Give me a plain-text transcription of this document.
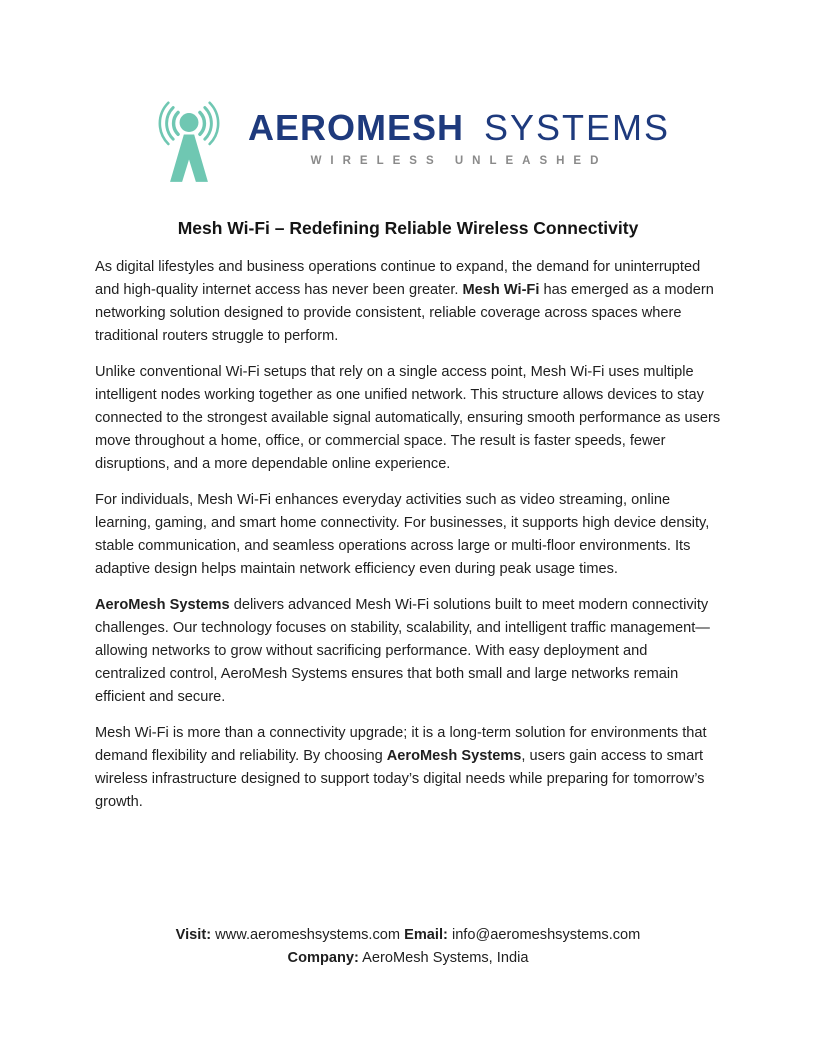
AEROMESH SYSTEMS
WIRELESS UNLEASHED
Mesh Wi-Fi – Redefining Reliable Wireless Connectivity

As digital lifestyles and business operations continue to expand, the demand for uninterrupted and high-quality internet access has never been greater. Mesh Wi-Fi has emerged as a modern networking solution designed to provide consistent, reliable coverage across spaces where traditional routers struggle to perform.

Unlike conventional Wi-Fi setups that rely on a single access point, Mesh Wi-Fi uses multiple intelligent nodes working together as one unified network. This structure allows devices to stay connected to the strongest available signal automatically, ensuring smooth performance as users move throughout a home, office, or commercial space. The result is faster speeds, fewer disruptions, and a more dependable online experience.

For individuals, Mesh Wi-Fi enhances everyday activities such as video streaming, online learning, gaming, and smart home connectivity. For businesses, it supports high device density, stable communication, and seamless operations across large or multi-floor environments. Its adaptive design helps maintain network efficiency even during peak usage times.

AeroMesh Systems delivers advanced Mesh Wi-Fi solutions built to meet modern connectivity challenges. Our technology focuses on stability, scalability, and intelligent traffic management—allowing networks to grow without sacrificing performance. With easy deployment and centralized control, AeroMesh Systems ensures that both small and large networks remain efficient and secure.

Mesh Wi-Fi is more than a connectivity upgrade; it is a long-term solution for environments that demand flexibility and reliability. By choosing AeroMesh Systems, users gain access to smart wireless infrastructure designed to support today’s digital needs while preparing for tomorrow’s growth.

Visit: www.aeromeshsystems.com Email: info@aeromeshsystems.com
Company: AeroMesh Systems, India
